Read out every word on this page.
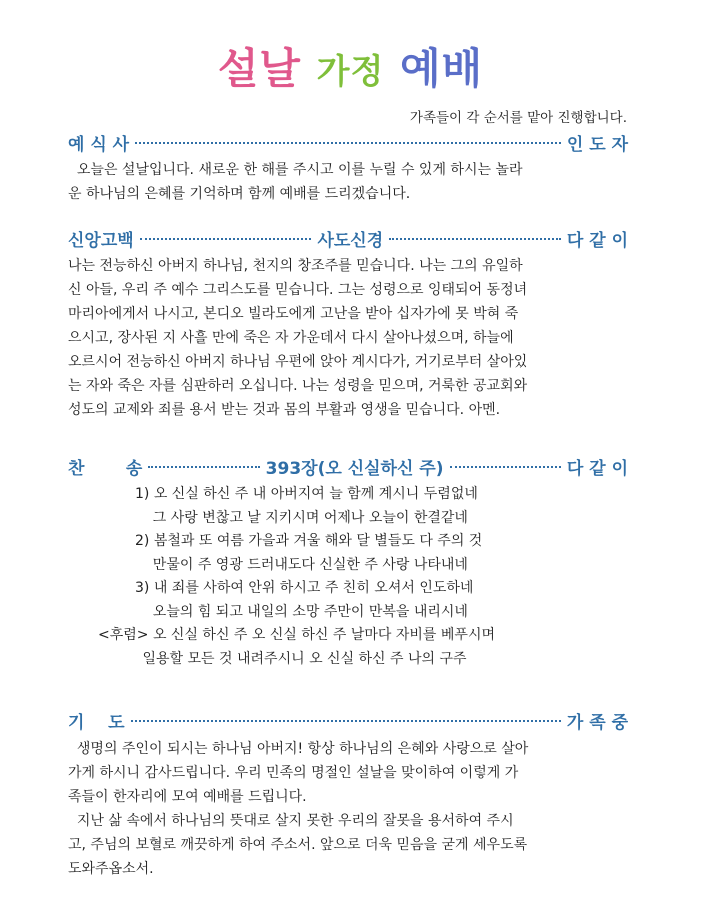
설날 가정 예배
가족들이 각 순서를 맡아 진행합니다.
예 식 사	인 도 자
오늘은 설날입니다. 새로운 한 해를 주시고 이를 누릴 수 있게 하시는 놀라
운 하나님의 은혜를 기억하며 함께 예배를 드리겠습니다.
신앙고백	사도신경	다 같 이
나는 전능하신 아버지 하나님, 천지의 창조주를 믿습니다. 나는 그의 유일하
신 아들, 우리 주 예수 그리스도를 믿습니다. 그는 성령으로 잉태되어 동정녀
마리아에게서 나시고, 본디오 빌라도에게 고난을 받아 십자가에 못 박혀 죽
으시고, 장사된 지 사흘 만에 죽은 자 가운데서 다시 살아나셨으며, 하늘에
오르시어 전능하신 아버지 하나님 우편에 앉아 계시다가, 거기로부터 살아있
는 자와 죽은 자를 심판하러 오십니다. 나는 성령을 믿으며, 거룩한 공교회와
성도의 교제와 죄를 용서 받는 것과 몸의 부활과 영생을 믿습니다. 아멘.
찬       송	393장(오 신실하신 주)	다 같 이
1) 오 신실 하신 주 내 아버지여 늘 함께 계시니 두렴없네
그 사랑 변찮고 날 지키시며 어제나 오늘이 한결같네
2) 봄철과 또 여름 가을과 겨울 해와 달 별들도 다 주의 것
만물이 주 영광 드러내도다 신실한 주 사랑 나타내네
3) 내 죄를 사하여 안위 하시고 주 친히 오셔서 인도하네
오늘의 힘 되고 내일의 소망 주만이 만복을 내리시네
<후렴> 오 신실 하신 주 오 신실 하신 주 날마다 자비를 베푸시며
일용할 모든 것 내려주시니 오 신실 하신 주 나의 구주
기    도	가 족 중
생명의 주인이 되시는 하나님 아버지! 항상 하나님의 은혜와 사랑으로 살아
가게 하시니 감사드립니다. 우리 민족의 명절인 설날을 맞이하여 이렇게 가
족들이 한자리에 모여 예배를 드립니다.
지난 삶 속에서 하나님의 뜻대로 살지 못한 우리의 잘못을 용서하여 주시
고, 주님의 보혈로 깨끗하게 하여 주소서. 앞으로 더욱 믿음을 굳게 세우도록
도와주옵소서.
